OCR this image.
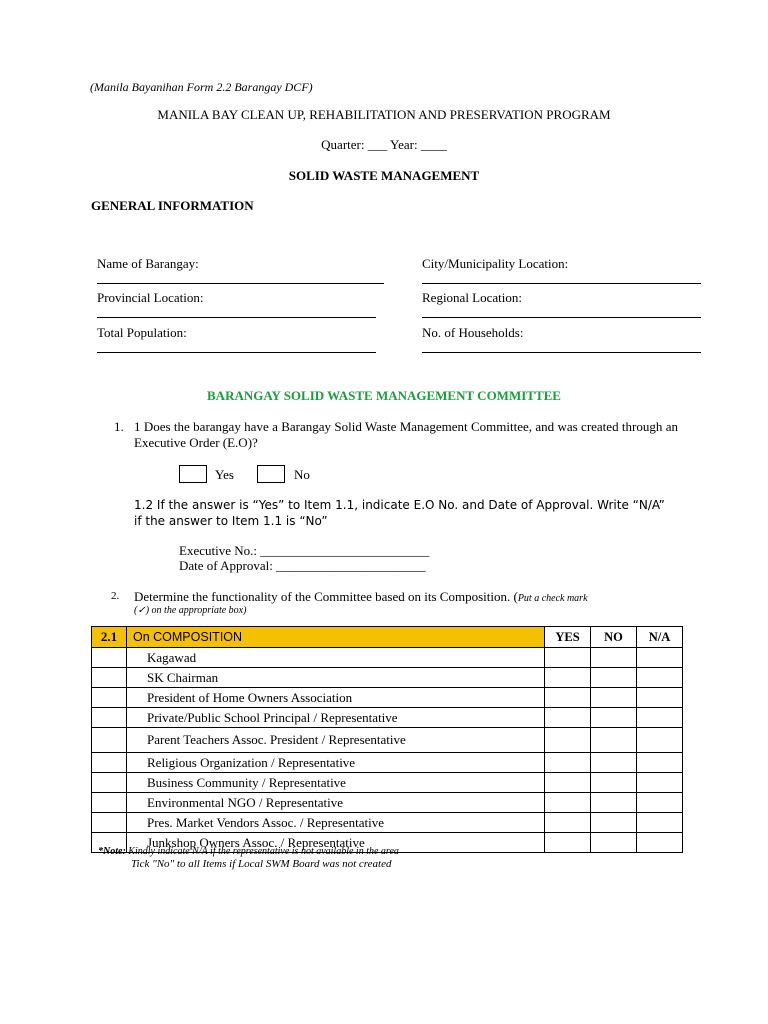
(Manila Bayanihan Form 2.2 Barangay DCF)
MANILA BAY CLEAN UP, REHABILITATION AND PRESERVATION PROGRAM
Quarter: ___ Year: ____
SOLID WASTE MANAGEMENT
GENERAL INFORMATION
Name of Barangay:	City/Municipality Location:
Provincial Location:	Regional Location:
Total Population:	No. of Households:
BARANGAY SOLID WASTE MANAGEMENT COMMITTEE
1. 1 Does the barangay have a Barangay Solid Waste Management Committee, and was created through an Executive Order (E.O)?
Yes	No
1.2 If the answer is “Yes” to Item 1.1, indicate E.O No. and Date of Approval. Write “N/A”
if the answer to Item 1.1 is “No”
Executive No.: __________________________
Date of Approval: _______________________
2. Determine the functionality of the Committee based on its Composition. (Put a check mark
(✓) on the appropriate box)
2.1	On COMPOSITION	YES	NO	N/A
	Kagawad			
	SK Chairman			
	President of Home Owners Association			
	Private/Public School Principal / Representative			
	Parent Teachers Assoc. President / Representative			
	Religious Organization / Representative			
	Business Community / Representative			
	Environmental NGO / Representative			
	Pres. Market Vendors Assoc. / Representative			
	Junkshop Owners Assoc. / Representative			
*Note: Kindly indicate N/A if the representative is not available in the area
Tick "No" to all Items if Local SWM Board was not created
